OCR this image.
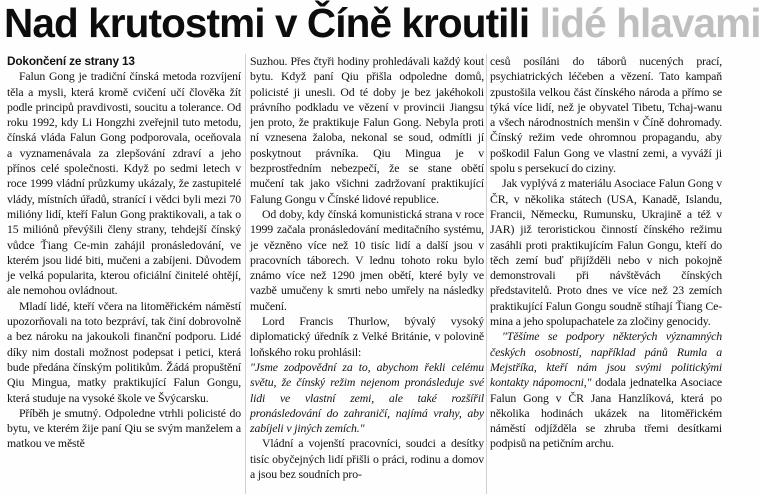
Nad krutostmi v Číně kroutili lidé hlavami
Dokončení ze strany 13

Falun Gong je tradiční čínská metoda rozvíjení těla a mysli, která kromě cvičení učí člověka žít podle principů pravdivosti, soucitu a tolerance. Od roku 1992, kdy Li Hongzhi zveřejnil tuto metodu, čínská vláda Falun Gong podporovala, oceňovala a vyznamenávala za zlepšování zdraví a jeho přínos celé společnosti. Když po sedmi letech v roce 1999 vládní průzkumy ukázaly, že zastupitelé vlády, místních úřadů, stranící i vědci byli mezi 70 milióny lidí, kteří Falun Gong praktikovali, a tak o 15 miliónů převýšili členy strany, tehdejší čínský vůdce Ťiang Ce-min zahájil pronásledování, ve kterém jsou lidé biti, mučeni a zabíjeni. Důvodem je velká popularita, kterou oficiální činitelé ohtějí, ale nemohou ovládnout.

Mladí lidé, kteří včera na litoměřickém náměstí upozorňovali na toto bezpráví, tak činí dobrovolně a bez nároku na jakoukoli finanční podporu. Lidé díky nim dostali možnost podepsat i petici, která bude předána čínským politikům. Žádá propuštění Qiu Mingua, matky praktikující Falun Gongu, která studuje na vysoké škole ve Švýcarsku.

Příběh je smutný. Odpoledne vtrhli policisté do bytu, ve kterém žije paní Qiu se svým manželem a matkou ve městě

Suzhou. Přes čtyři hodiny prohledávali každý kout bytu. Když paní Qiu přišla odpoledne domů, policisté ji unesli. Od té doby je bez jakéhokoli právního podkladu ve vězení v provincii Jiangsu jen proto, že praktikuje Falun Gong. Nebyla proti ní vznesena žaloba, nekonal se soud, odmítli jí poskytnout právníka. Qiu Mingua je v bezprostředním nebezpečí, že se stane obětí mučení tak jako všichni zadržovaní praktikující Falung Gongu v Čínské lidové republice.

Od doby, kdy čínská komunistická strana v roce 1999 začala pronásledování meditačního systému, je vězněno více než 10 tisíc lidí a další jsou v pracovních táborech. V lednu tohoto roku bylo známo více než 1290 jmen obětí, které byly ve vazbě umučeny k smrti nebo umřely na následky mučení.

Lord Francis Thurlow, bývalý vysoký diplomatický úředník z Velké Británie, v polovině loňského roku prohlásil:

"Jsme zodpovědní za to, abychom řekli celému světu, že čínský režim nejenom pronásleduje své lidi ve vlastní zemi, ale také rozšířil pronásledování do zahraničí, najímá vrahy, aby zabíjeli v jiných zemích."

Vládní a vojenští pracovníci, soudci a desítky tisíc obyčejných lidí přišli o práci, rodinu a domov a jsou bez soudních pro-

cesů posíláni do táborů nucených prací, psychiatrických léčeben a vězení. Tato kampaň zpustošila velkou část čínského národa a přímo se týká více lidí, než je obyvatel Tibetu, Tchaj-wanu a všech národnostních menšin v Číně dohromady. Čínský režim vede ohromnou propagandu, aby poškodil Falun Gong ve vlastní zemi, a vyváží ji spolu s persekucí do ciziny.

Jak vyplývá z materiálu Asociace Falun Gong v ČR, v několika státech (USA, Kanadě, Islandu, Francii, Německu, Rumunsku, Ukrajině a též v JAR) již teroristickou činností čínského režimu zasáhli proti praktikujícím Falun Gongu, kteří do těch zemí buď přijížděli nebo v nich pokojně demonstrovali při návštěvách čínských představitelů. Proto dnes ve více než 23 zemích praktikující Falun Gongu soudně stíhají Ťiang Ce-mina a jeho spolupachatele za zločiny genocidy.

"Těšíme se podpory některých významných českých osobností, například pánů Rumla a Mejstříka, kteří nám jsou svými politickými kontakty nápomocni," dodala jednatelka Asociace Falun Gong v ČR Jana Hanzlíková, která po několika hodinách ukázek na litoměřickém náměstí odjížděla se zhruba třemi desítkami podpisů na petičním archu.
